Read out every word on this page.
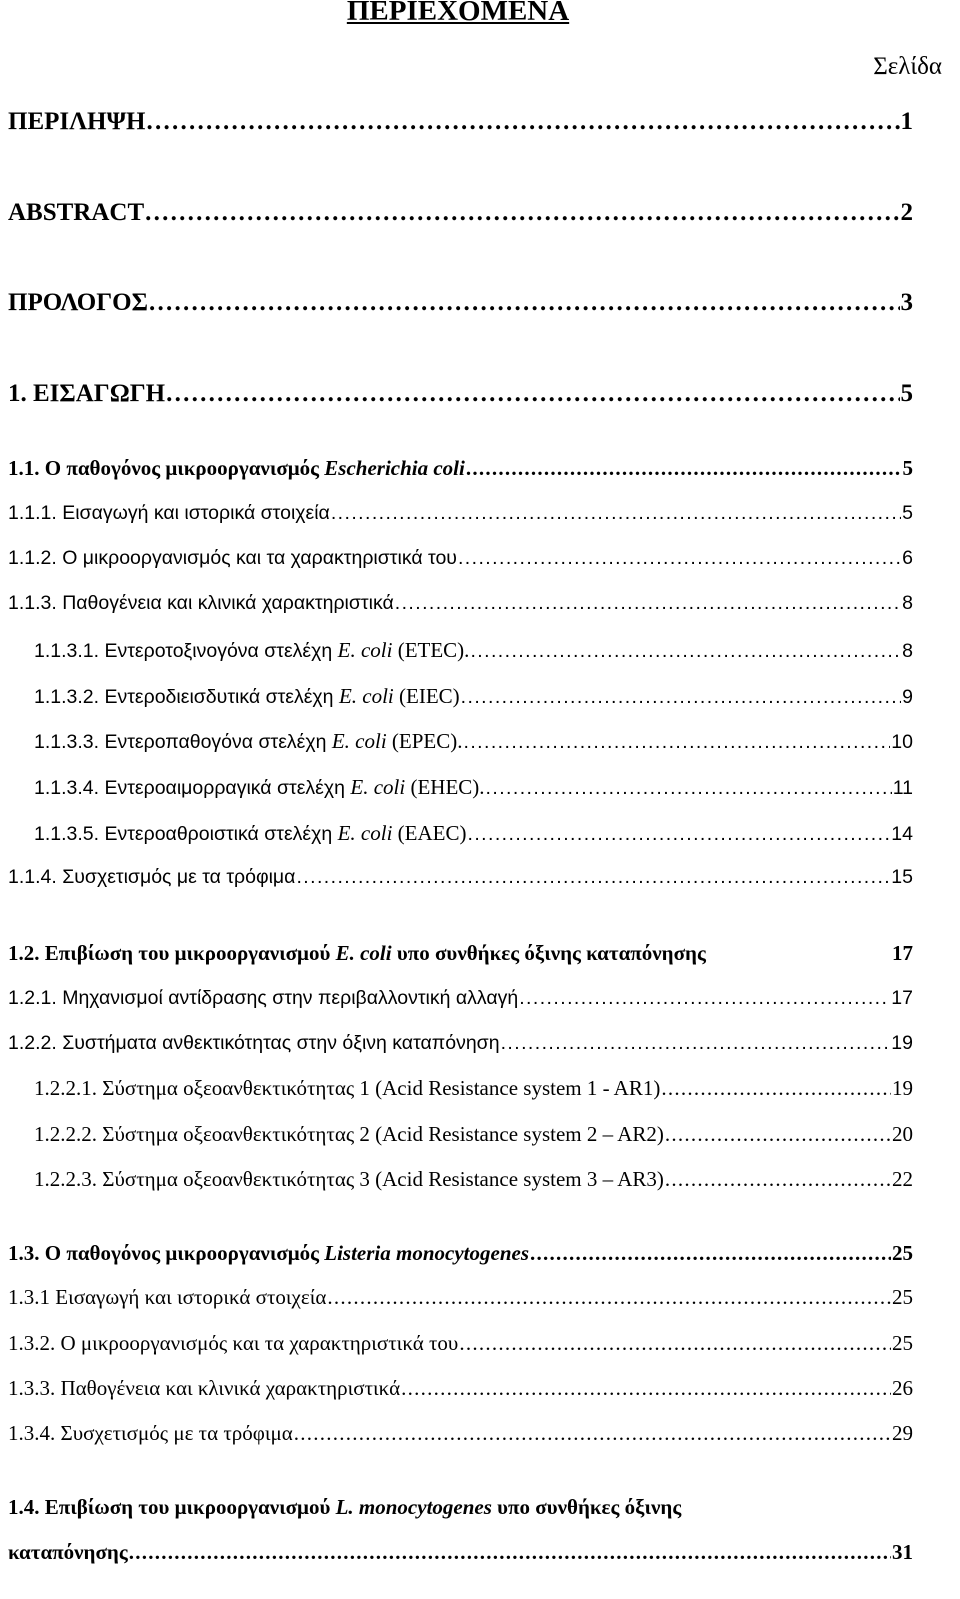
ΠΕΡΙΕΧΟΜΕΝΑ
Σελίδα
ΠΕΡΙΛΗΨΗ . . .	1
ABSTRACT . . .	2
ΠΡΟΛΟΓΟΣ . . .	3
1. ΕΙΣΑΓΩΓΗ . . .	5
1.1. Ο παθογόνος μικροοργανισμός Escherichia coli . . .	5
1.1.1. Εισαγωγή και ιστορικά στοιχεία . . .	5
1.1.2. Ο μικροοργανισμός και τα χαρακτηριστικά του . . .	6
1.1.3. Παθογένεια και κλινικά χαρακτηριστικά . . .	8
1.1.3.1. Εντεροτοξινογόνα στελέχη E. coli (ETEC). . . .	8
1.1.3.2. Εντεροδιεισδυτικά στελέχη E. coli (EIEC) . . .	9
1.1.3.3. Εντεροπαθογόνα στελέχη E. coli (EPEC). . . .	10
1.1.3.4. Εντεροαιμορραγικά στελέχη E. coli (EHEC). . . .	11
1.1.3.5. Εντεροαθροιστικά στελέχη E. coli (EAEC) . . .	14
1.1.4. Συσχετισμός με τα τρόφιμα . . .	15
1.2. Επιβίωση του μικροοργανισμού E. coli υπο συνθήκες όξινης καταπόνησης	17
1.2.1. Μηχανισμοί αντίδρασης στην περιβαλλοντική αλλαγή . . .	17
1.2.2. Συστήματα ανθεκτικότητας στην όξινη καταπόνηση . . .	19
1.2.2.1. Σύστημα οξεοανθεκτικότητας 1 (Acid Resistance system 1 - AR1) . . .	19
1.2.2.2. Σύστημα οξεοανθεκτικότητας 2 (Acid Resistance system 2 – AR2) . . .	20
1.2.2.3. Σύστημα οξεοανθεκτικότητας 3 (Acid Resistance system 3 – AR3) . . .	22
1.3. Ο παθογόνος μικροοργανισμός Listeria monocytogenes . . .	25
1.3.1 Εισαγωγή και ιστορικά στοιχεία . . .	25
1.3.2. Ο μικροοργανισμός και τα χαρακτηριστικά του . . .	25
1.3.3. Παθογένεια και κλινικά χαρακτηριστικά . . .	26
1.3.4. Συσχετισμός με τα τρόφιμα . . .	29
1.4. Επιβίωση του μικροοργανισμού L. monocytogenes υπο συνθήκες όξινης
καταπόνησης . . .	31
